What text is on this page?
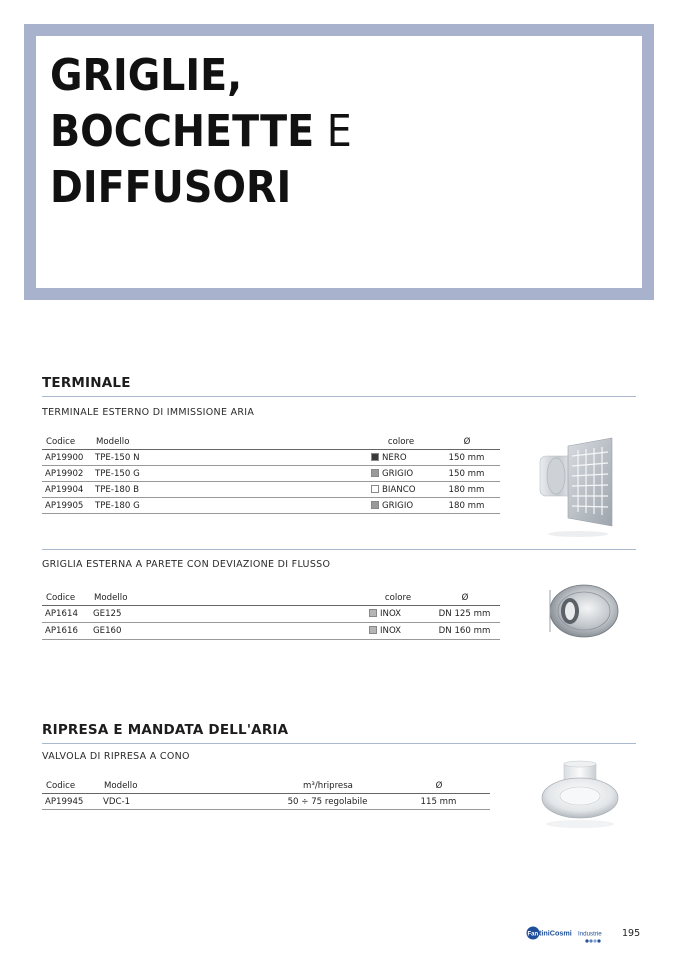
GRIGLIE,
BOCCHETTE E
DIFFUSORI
TERMINALE
TERMINALE ESTERNO DI IMMISSIONE ARIA
Codice	Modello	colore	Ø
AP19900	TPE-150 N	NERO	150 mm
AP19902	TPE-150 G	GRIGIO	150 mm
AP19904	TPE-180 B	BIANCO	180 mm
AP19905	TPE-180 G	GRIGIO	180 mm
GRIGLIA ESTERNA A PARETE CON DEVIAZIONE DI FLUSSO
Codice	Modello	colore	Ø
AP1614	GE125	INOX	DN 125 mm
AP1616	GE160	INOX	DN 160 mm
RIPRESA E MANDATA DELL'ARIA
VALVOLA DI RIPRESA A CONO
Codice	Modello	m³/hripresa	Ø
AP19945	VDC-1	50 ÷ 75 regolabile	115 mm
Fan tiniCosmi Industrie 195
